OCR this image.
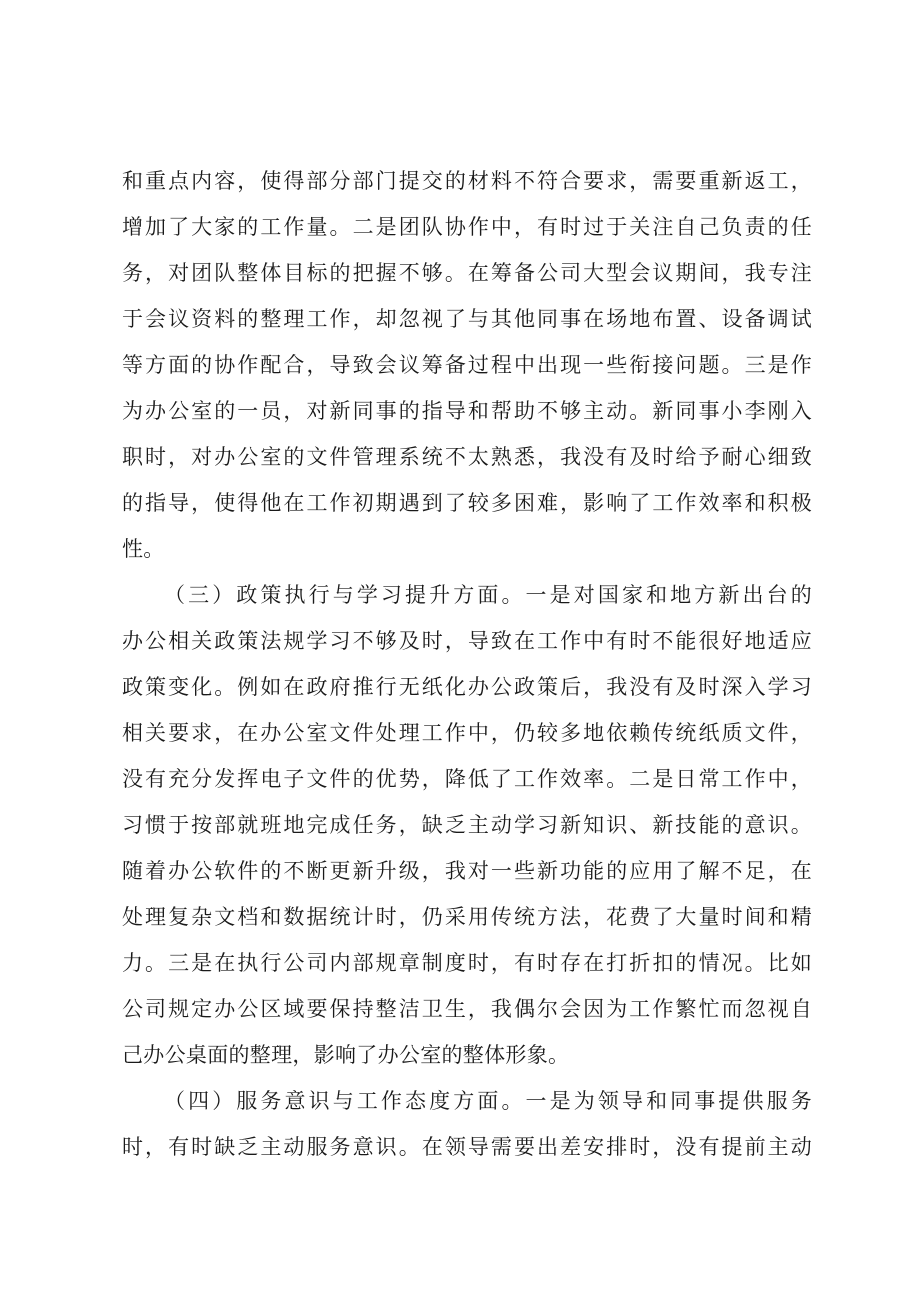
和重点内容，使得部分部门提交的材料不符合要求，需要重新返工，
增加了大家的工作量。二是团队协作中，有时过于关注自己负责的任
务，对团队整体目标的把握不够。在筹备公司大型会议期间，我专注
于会议资料的整理工作，却忽视了与其他同事在场地布置、设备调试
等方面的协作配合，导致会议筹备过程中出现一些衔接问题。三是作
为办公室的一员，对新同事的指导和帮助不够主动。新同事小李刚入
职时，对办公室的文件管理系统不太熟悉，我没有及时给予耐心细致
的指导，使得他在工作初期遇到了较多困难，影响了工作效率和积极
性。
（三）政策执行与学习提升方面。一是对国家和地方新出台的
办公相关政策法规学习不够及时，导致在工作中有时不能很好地适应
政策变化。例如在政府推行无纸化办公政策后，我没有及时深入学习
相关要求，在办公室文件处理工作中，仍较多地依赖传统纸质文件，
没有充分发挥电子文件的优势，降低了工作效率。二是日常工作中，
习惯于按部就班地完成任务，缺乏主动学习新知识、新技能的意识。
随着办公软件的不断更新升级，我对一些新功能的应用了解不足，在
处理复杂文档和数据统计时，仍采用传统方法，花费了大量时间和精
力。三是在执行公司内部规章制度时，有时存在打折扣的情况。比如
公司规定办公区域要保持整洁卫生，我偶尔会因为工作繁忙而忽视自
己办公桌面的整理，影响了办公室的整体形象。
（四）服务意识与工作态度方面。一是为领导和同事提供服务
时，有时缺乏主动服务意识。在领导需要出差安排时，没有提前主动
